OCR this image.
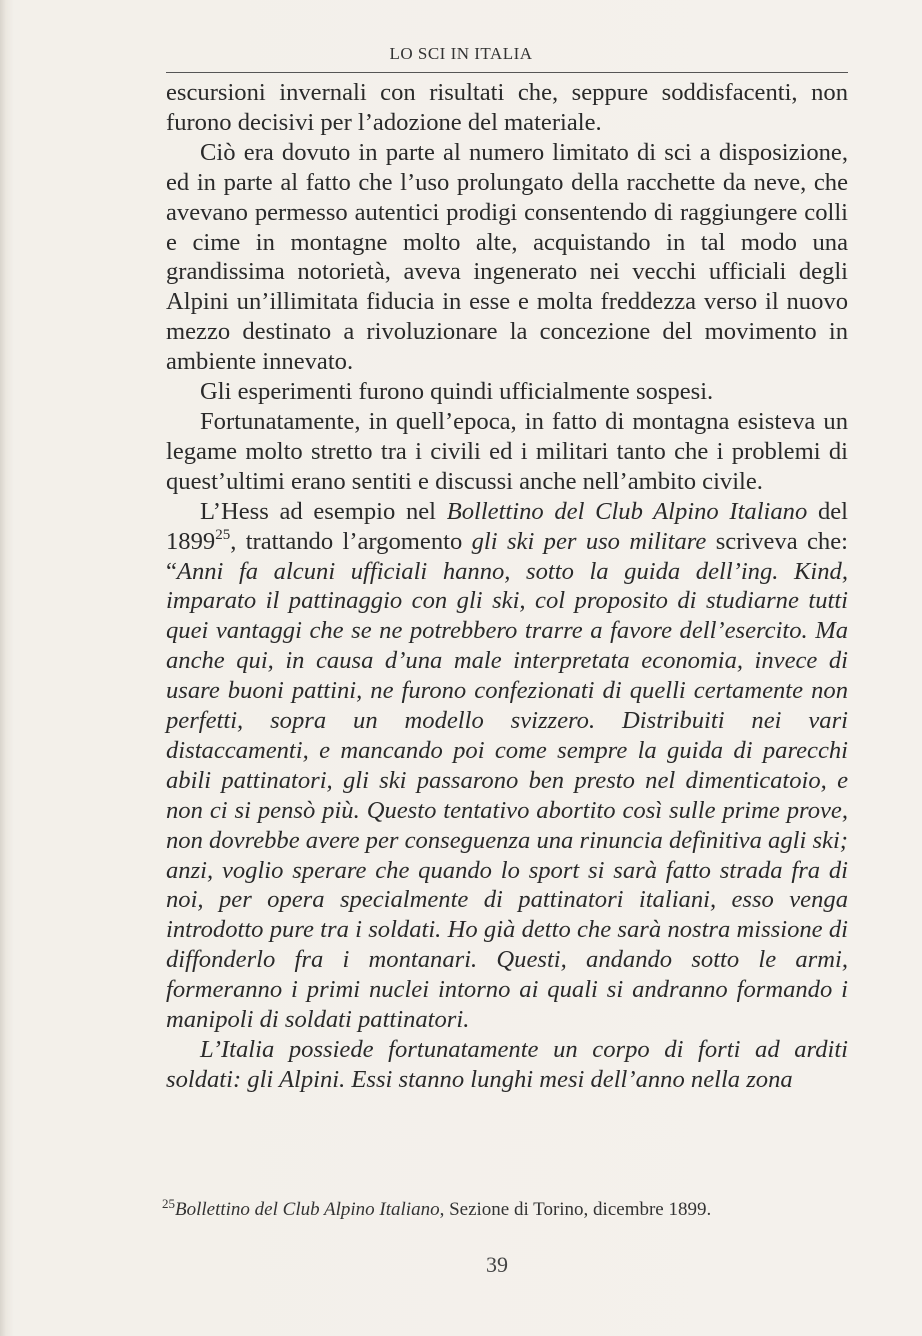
LO SCI IN ITALIA

escursioni invernali con risultati che, seppure soddisfacenti, non furono decisivi per l’adozione del materiale.

Ciò era dovuto in parte al numero limitato di sci a disposizione, ed in parte al fatto che l’uso prolungato della racchette da neve, che avevano permesso autentici prodigi consentendo di raggiungere colli e cime in montagne molto alte, acquistando in tal modo una grandissima notorietà, aveva ingenerato nei vecchi ufficiali degli Alpini un’illimitata fiducia in esse e molta freddezza verso il nuovo mezzo destinato a rivoluzionare la concezione del movimento in ambiente innevato.

Gli esperimenti furono quindi ufficialmente sospesi.

Fortunatamente, in quell’epoca, in fatto di montagna esisteva un legame molto stretto tra i civili ed i militari tanto che i problemi di quest’ultimi erano sentiti e discussi anche nell’ambito civile.

L’Hess ad esempio nel Bollettino del Club Alpino Italiano del 1899$^{25}$, trattando l’argomento gli ski per uso militare scriveva che: “Anni fa alcuni ufficiali hanno, sotto la guida dell’ing. Kind, imparato il pattinaggio con gli ski, col proposito di studiarne tutti quei vantaggi che se ne potrebbero trarre a favore dell’esercito. Ma anche qui, in causa d’una male interpretata economia, invece di usare buoni pattini, ne furono confezionati di quelli certamente non perfetti, sopra un modello svizzero. Distribuiti nei vari distaccamenti, e mancando poi come sempre la guida di parecchi abili pattinatori, gli ski passarono ben presto nel dimenticatoio, e non ci si pensò più. Questo tentativo abortito così sulle prime prove, non dovrebbe avere per conseguenza una rinuncia definitiva agli ski; anzi, voglio sperare che quando lo sport si sarà fatto strada fra di noi, per opera specialmente di pattinatori italiani, esso venga introdotto pure tra i soldati. Ho già detto che sarà nostra missione di diffonderlo fra i montanari. Questi, andando sotto le armi, formeranno i primi nuclei intorno ai quali si andranno formando i manipoli di soldati pattinatori.

L’Italia possiede fortunatamente un corpo di forti ad arditi soldati: gli Alpini. Essi stanno lunghi mesi dell’anno nella zona

$^{25}$Bollettino del Club Alpino Italiano, Sezione di Torino, dicembre 1899.
39
